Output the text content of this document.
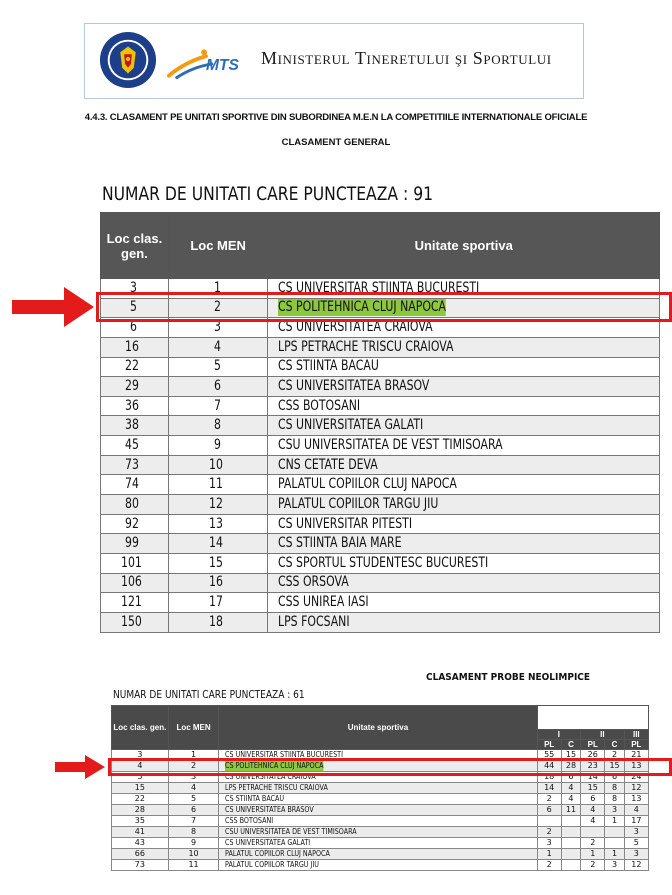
MTS Ministerul Tineretului şi Sportului
4.4.3. CLASAMENT PE UNITATI SPORTIVE DIN SUBORDINEA M.E.N LA COMPETITIILE INTERNATIONALE OFICIALE
CLASAMENT GENERAL
NUMAR DE UNITATI CARE PUNCTEAZA : 91
Loc clas. gen.	Loc MEN	Unitate sportiva
3	1	CS UNIVERSITAR STIINTA BUCURESTI
5	2	CS POLITEHNICA CLUJ NAPOCA
6	3	CS UNIVERSITATEA CRAIOVA
16	4	LPS PETRACHE TRISCU CRAIOVA
22	5	CS STIINTA BACAU
29	6	CS UNIVERSITATEA BRASOV
36	7	CSS BOTOSANI
38	8	CS UNIVERSITATEA GALATI
45	9	CSU UNIVERSITATEA DE VEST TIMISOARA
73	10	CNS CETATE DEVA
74	11	PALATUL COPIILOR CLUJ NAPOCA
80	12	PALATUL COPIILOR TARGU JIU
92	13	CS UNIVERSITAR PITESTI
99	14	CS STIINTA BAIA MARE
101	15	CS SPORTUL STUDENTESC BUCURESTI
106	16	CSS ORSOVA
121	17	CSS UNIREA IASI
150	18	LPS FOCSANI
CLASAMENT PROBE NEOLIMPICE
NUMAR DE UNITATI CARE PUNCTEAZA : 61
Loc clas. gen.	Loc MEN	Unitate sportiva					
			I		II		III
			PL	C	PL	C	PL
3	1	CS UNIVERSITAR STIINTA BUCURESTI	55	15	26	2	21
4	2	CS POLITEHNICA CLUJ NAPOCA	44	28	23	15	13
5	3	CS UNIVERSITATEA CRAIOVA	18	6	14	6	24
15	4	LPS PETRACHE TRISCU CRAIOVA	14	4	15	8	12
22	5	CS STIINTA BACAU	2	4	6	8	13
28	6	CS UNIVERSITATEA BRASOV	6	11	4	3	4
35	7	CSS BOTOSANI			4	1	17
41	8	CSU UNIVERSITATEA DE VEST TIMISOARA	2				3
43	9	CS UNIVERSITATEA GALATI	3		2		5
66	10	PALATUL COPIILOR CLUJ NAPOCA	1		1	1	3
73	11	PALATUL COPIILOR TARGU JIU	2		2	3	12
